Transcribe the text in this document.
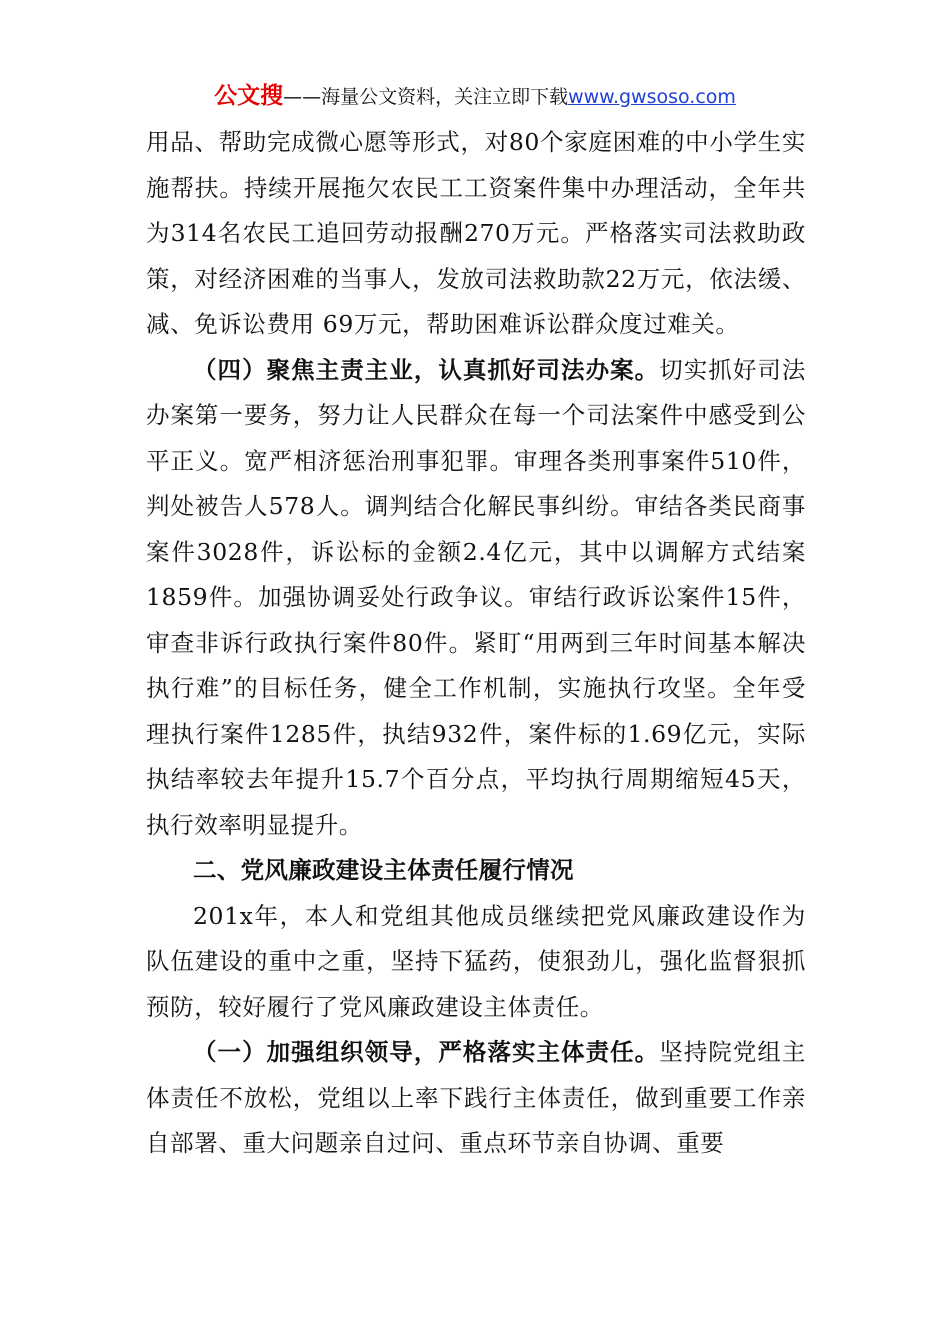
公文搜——海量公文资料，关注立即下载www.gwsoso.com

用品、帮助完成微心愿等形式，对80个家庭困难的中小学生实施帮扶。持续开展拖欠农民工工资案件集中办理活动，全年共为314名农民工追回劳动报酬270万元。严格落实司法救助政策，对经济困难的当事人，发放司法救助款22万元，依法缓、减、免诉讼费用 69万元，帮助困难诉讼群众度过难关。

（四）聚焦主责主业，认真抓好司法办案。切实抓好司法办案第一要务，努力让人民群众在每一个司法案件中感受到公平正义。宽严相济惩治刑事犯罪。审理各类刑事案件510件，判处被告人578人。调判结合化解民事纠纷。审结各类民商事案件3028件，诉讼标的金额2.4亿元，其中以调解方式结案1859件。加强协调妥处行政争议。审结行政诉讼案件15件，审查非诉行政执行案件80件。紧盯“用两到三年时间基本解决执行难”的目标任务，健全工作机制，实施执行攻坚。全年受理执行案件1285件，执结932件，案件标的1.69亿元，实际执结率较去年提升15.7个百分点，平均执行周期缩短45天，执行效率明显提升。

二、党风廉政建设主体责任履行情况

201x年，本人和党组其他成员继续把党风廉政建设作为队伍建设的重中之重，坚持下猛药，使狠劲儿，强化监督狠抓预防，较好履行了党风廉政建设主体责任。

（一）加强组织领导，严格落实主体责任。坚持院党组主体责任不放松，党组以上率下践行主体责任，做到重要工作亲自部署、重大问题亲自过问、重点环节亲自协调、重要
